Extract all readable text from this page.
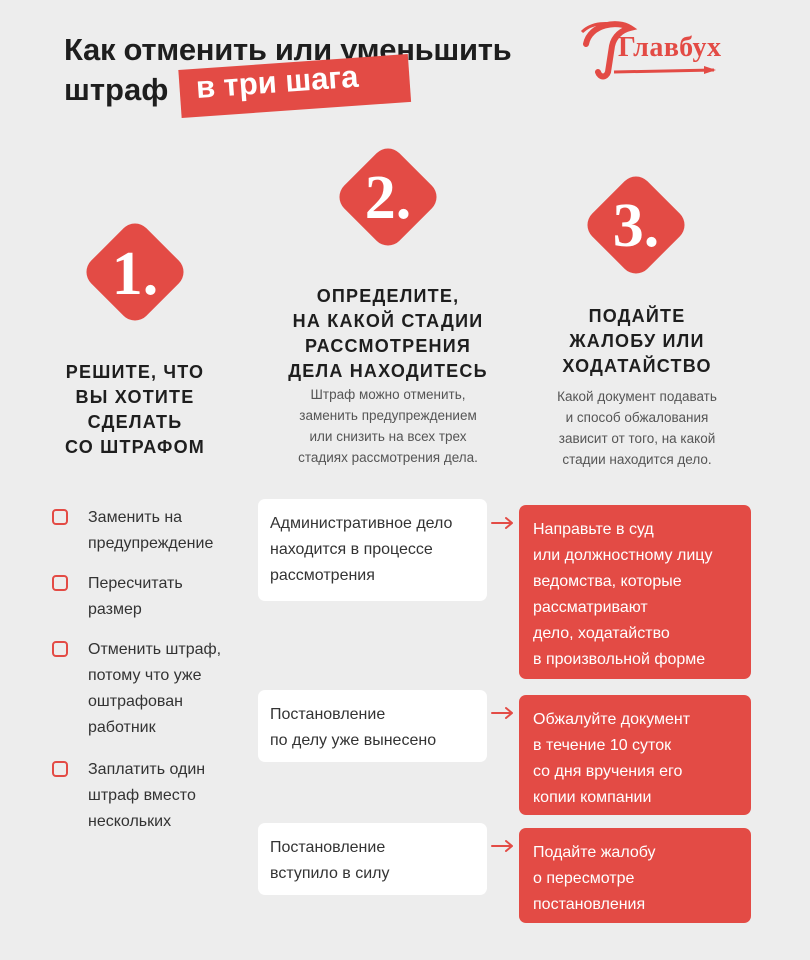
Как отменить или уменьшить
штраф в три шага
Главбух
1.
2.	3.
РЕШИТЕ, ЧТО
ВЫ ХОТИТЕ
СДЕЛАТЬ
СО ШТРАФОМ
ОПРЕДЕЛИТЕ,
НА КАКОЙ СТАДИИ
РАССМОТРЕНИЯ
ДЕЛА НАХОДИТЕСЬ
Штраф можно отменить,
заменить предупреждением
или снизить на всех трех
стадиях рассмотрения дела.
ПОДАЙТЕ
ЖАЛОБУ ИЛИ
ХОДАТАЙСТВО
Какой документ подавать
и способ обжалования
зависит от того, на какой
стадии находится дело.
Заменить на
предупреждение
Пересчитать
размер
Отменить штраф,
потому что уже
оштрафован
работник
Заплатить один
штраф вместо
нескольких
Административное дело
находится в процессе
рассмотрения
Направьте в суд
или должностному лицу
ведомства, которые
рассматривают
дело, ходатайство
в произвольной форме
Постановление
по делу уже вынесено
Обжалуйте документ
в течение 10 суток
со дня вручения его
копии компании
Постановление
вступило в силу
Подайте жалобу
о пересмотре
постановления
